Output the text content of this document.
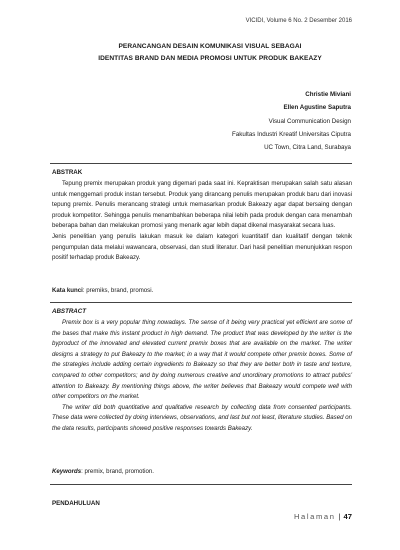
VICIDI, Volume 6 No. 2 Desember 2016
PERANCANGAN DESAIN KOMUNIKASI VISUAL SEBAGAI
IDENTITAS BRAND DAN MEDIA PROMOSI UNTUK PRODUK BAKEAZY
Christie Miviani
Ellen Agustine Saputra
Visual Communication Design
Fakultas Industri Kreatif Universitas Ciputra
UC Town, Citra Land, Surabaya
ABSTRAK

Tepung premix merupakan produk yang digemari pada saat ini. Kepraktisan merupakan salah satu alasan untuk menggemari produk instan tersebut. Produk yang dirancang penulis merupakan produk baru dari inovasi tepung premix. Penulis merancang strategi untuk memasarkan produk Bakeazy agar dapat bersaing dengan produk kompetitor. Sehingga penulis menambahkan beberapa nilai lebih pada produk dengan cara menambah beberapa bahan dan melakukan promosi yang menarik agar lebih dapat dikenal masyarakat secara luas.

Jenis penelitian yang penulis lakukan masuk ke dalam kategori kuantitatif dan kualitatif dengan teknik pengumpulan data melalui wawancara, observasi, dan studi literatur. Dari hasil penelitian menunjukkan respon positif terhadap produk Bakeazy.

Kata kunci: premiks, brand, promosi.
ABSTRACT

Premix box is a very popular thing nowadays. The sense of it being very practical yet efficient are some of the bases that make this instant product in high demand. The product that was developed by the writer is the byproduct of the innovated and elevated current premix boxes that are available on the market. The writer designs a strategy to put Bakeazy to the market; in a way that it would compete other premix boxes. Some of the strategies include adding certain ingredients to Bakeazy so that they are better both in taste and texture, compared to other competitors; and by doing numerous creative and unordinary promotions to attract publics' attention to Bakeazy. By mentioning things above, the writer believes that Bakeazy would compete well with other competitors on the market.

The writer did both quantitative and qualitative research by collecting data from consented participants. These data were collected by doing interviews, observations, and last but not least, literature studies. Based on the data results, participants showed positive responses towards Bakeazy.

Keywords: premix, brand, promotion.
PENDAHULUAN
Halaman | 47
